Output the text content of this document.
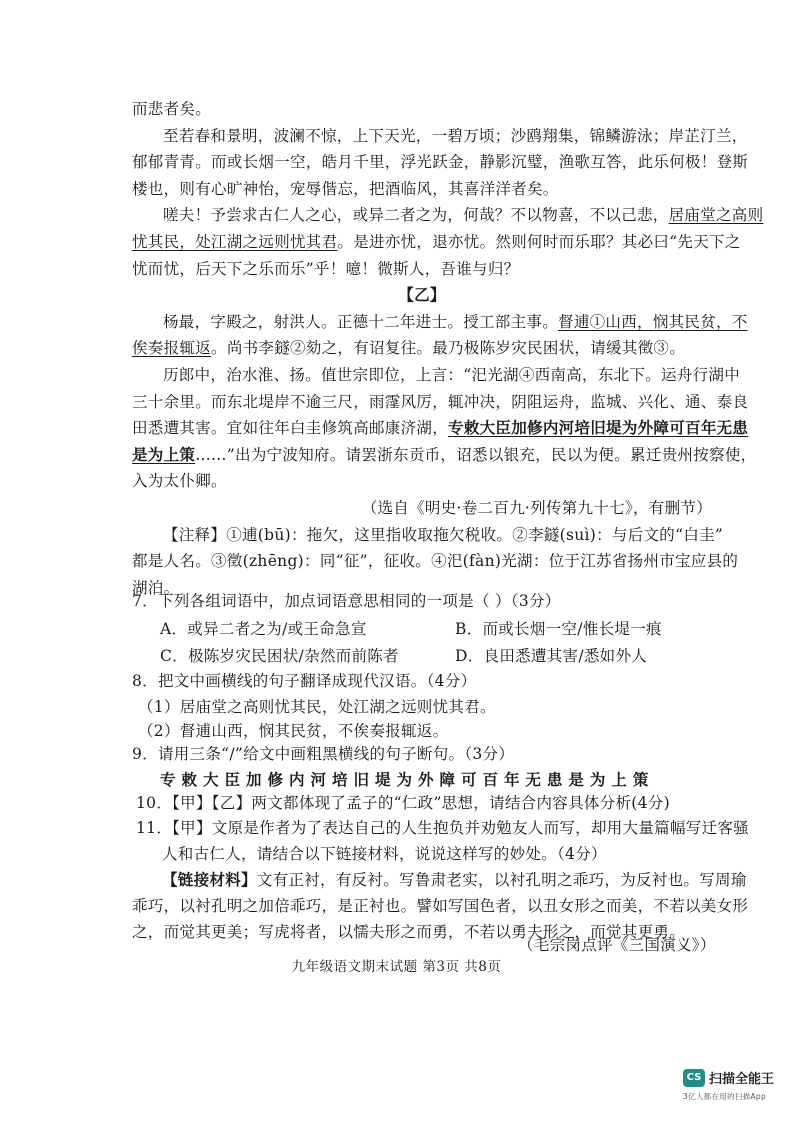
而悲者矣。
至若春和景明，波澜不惊，上下天光，一碧万顷；沙鸥翔集，锦鳞游泳；岸芷汀兰，
郁郁青青。而或长烟一空，皓月千里，浮光跃金，静影沉璧，渔歌互答，此乐何极！登斯
楼也，则有心旷神怡，宠辱偕忘，把酒临风，其喜洋洋者矣。
嗟夫！予尝求古仁人之心，或异二者之为，何哉？不以物喜，不以己悲，居庙堂之高则
忧其民，处江湖之远则忧其君。是进亦忧，退亦忧。然则何时而乐耶？其必曰“先天下之
忧而忧，后天下之乐而乐”乎！噫！微斯人，吾谁与归？
【乙】
杨最，字殿之，射洪人。正德十二年进士。授工部主事。督逋①山西，悯其民贫，不
俟奏报辄返。尚书李鐩②劾之，有诏复往。最乃极陈岁灾民困状，请缓其徵③。
历郎中，治水淮、扬。值世宗即位，上言：“汜光湖④西南高，东北下。运舟行湖中
三十余里。而东北堤岸不逾三尺，雨霪风厉，辄冲决，阴阻运舟，监城、兴化、通、泰良
田悉遭其害。宜如往年白圭修筑高邮康济湖，专敕大臣加修内河培旧堤为外障可百年无患
是为上策……”出为宁波知府。请罢浙东贡币，诏悉以银充，民以为便。累迁贵州按察使，
入为太仆卿。
（选自《明史·卷二百九·列传第九十七》，有删节）
【注释】①逋(bū)：拖欠，这里指收取拖欠税收。②李鐩(suì)：与后文的“白圭”
都是人名。③徵(zhēng)：同“征”，征收。④汜(fàn)光湖：位于江苏省扬州市宝应县的
湖泊。
7．下列各组词语中，加点词语意思相同的一项是（ ）（3分）
A．或异二者之为/或王命急宣	B．而或长烟一空/惟长堤一痕
C．极陈岁灾民困状/杂然而前陈者	D．良田悉遭其害/悉如外人
8．把文中画横线的句子翻译成现代汉语。（4分）
（1）居庙堂之高则忧其民，处江湖之远则忧其君。
（2）督逋山西，悯其民贫，不俟奏报辄返。
9．请用三条“/”给文中画粗黑横线的句子断句。（3分）
专 敕 大 臣 加 修 内 河 培 旧 堤 为 外 障 可 百 年 无 患 是 为 上 策
10．【甲】【乙】两文都体现了孟子的“仁政”思想，请结合内容具体分析(4分)
11．【甲】文原是作者为了表达自己的人生抱负并劝勉友人而写，却用大量篇幅写迁客骚
人和古仁人，请结合以下链接材料，说说这样写的妙处。（4分）
【链接材料】文有正衬，有反衬。写鲁肃老实，以衬孔明之乖巧，为反衬也。写周瑜
乖巧，以衬孔明之加倍乖巧，是正衬也。譬如写国色者，以丑女形之而美，不若以美女形
之，而觉其更美；写虎将者，以懦夫形之而勇，不若以勇夫形之，而觉其更勇。
（毛宗岗点评《三国演义》）
九年级语文期末试题 第3页 共8页
CS 扫描全能王
3亿人都在用的扫描App
